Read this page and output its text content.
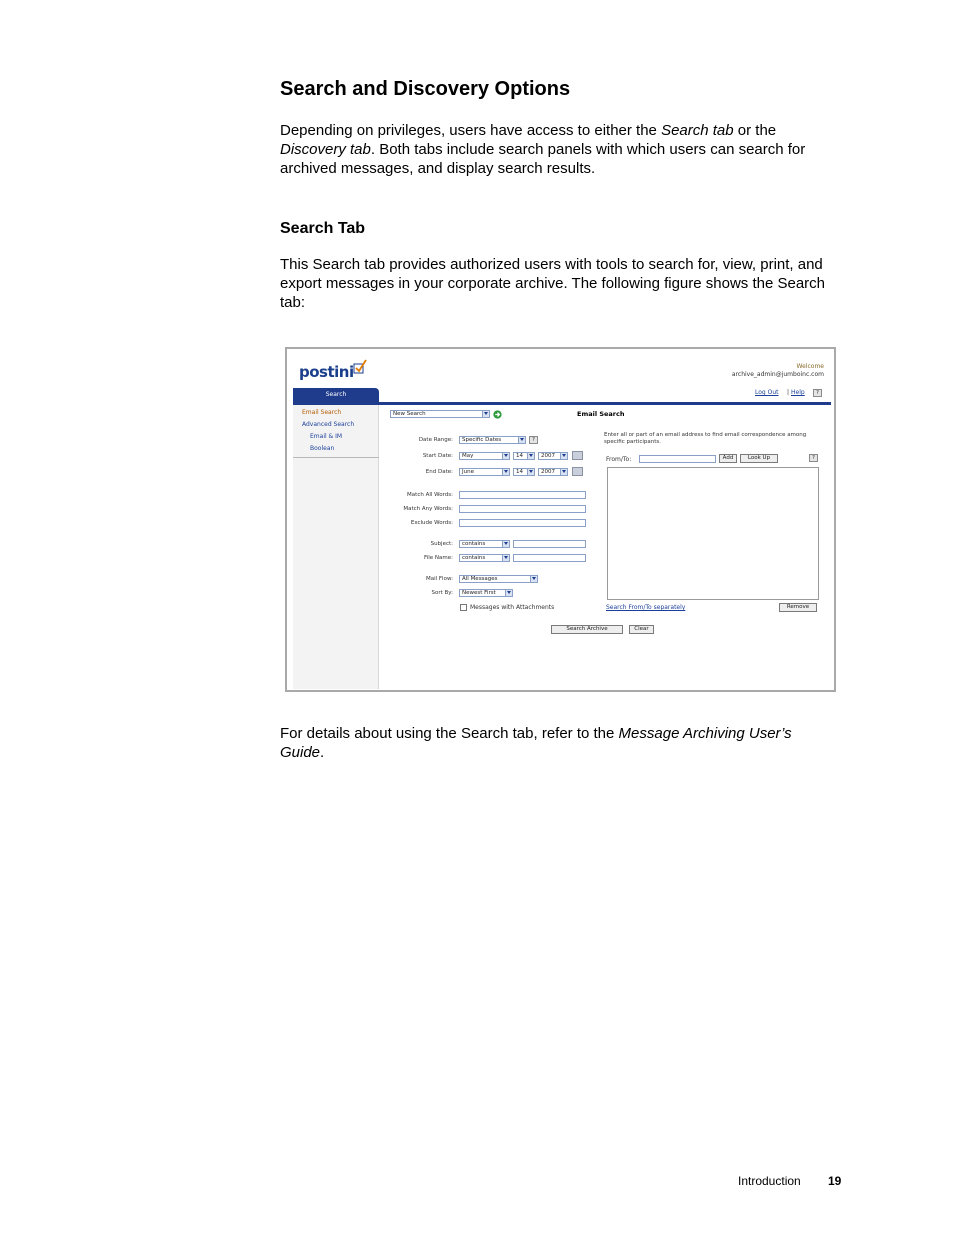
Search and Discovery Options
Depending on privileges, users have access to either the Search tab or the Discovery tab. Both tabs include search panels with which users can search for archived messages, and display search results.
Search Tab
This Search tab provides authorized users with tools to search for, view, print, and export messages in your corporate archive. The following figure shows the Search tab:
postini	Welcome
archive_admin@jumboinc.com
Log Out | Help	?
Search
Email Search
Advanced Search
Email & IM
Boolean
New Search	Email Search
Date Range:	Specific Dates	?
Start Date:	May	14	2007
End Date:	June	14	2007
Match All Words:
Match Any Words:
Exclude Words:
Subject:	contains
File Name:	contains
Mail Flow:	All Messages
Sort By:	Newest First
Messages with Attachments
Search Archive	Clear
Enter all or part of an email address to find email correspondence among specific participants.
From/To:	Add	Look Up	?
Search From/To separately	Remove
For details about using the Search tab, refer to the Message Archiving User’s Guide.
Introduction 19
